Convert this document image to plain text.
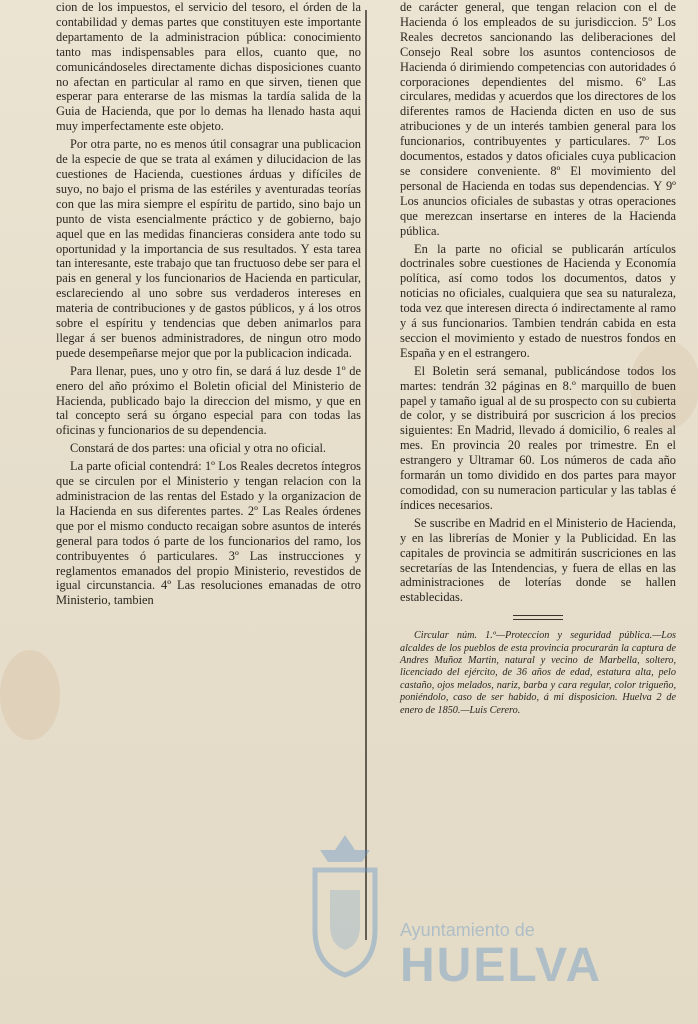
cion de los impuestos, el servicio del tesoro, el órden de la contabilidad y demas partes que constituyen este importante departamento de la administracion pública: conocimiento tanto mas indispensables para ellos, cuanto que, no comunicándoseles directamente dichas disposiciones cuanto no afectan en particular al ramo en que sirven, tienen que esperar para enterarse de las mismas la tardía salida de la Guia de Hacienda, que por lo demas ha llenado hasta aqui muy imperfectamente este objeto.

Por otra parte, no es menos útil consagrar una publicacion de la especie de que se trata al exámen y dilucidacion de las cuestiones de Hacienda, cuestiones árduas y difíciles de suyo, no bajo el prisma de las estériles y aventuradas teorías con que las mira siempre el espíritu de partido, sino bajo un punto de vista esencialmente práctico y de gobierno, bajo aquel que en las medidas financieras considera ante todo su oportunidad y la importancia de sus resultados. Y esta tarea tan interesante, este trabajo que tan fructuoso debe ser para el pais en general y los funcionarios de Hacienda en particular, esclareciendo al uno sobre sus verdaderos intereses en materia de contribuciones y de gastos públicos, y á los otros sobre el espíritu y tendencias que deben animarlos para llegar á ser buenos administradores, de ningun otro modo puede desempeñarse mejor que por la publicacion indicada.

Para llenar, pues, uno y otro fin, se dará á luz desde 1º de enero del año próximo el Boletin oficial del Ministerio de Hacienda, publicado bajo la direccion del mismo, y que en tal concepto será su órgano especial para con todas las oficinas y funcionarios de su dependencia.

Constará de dos partes: una oficial y otra no oficial.

La parte oficial contendrá: 1º Los Reales decretos íntegros que se circulen por el Ministerio y tengan relacion con la administracion de las rentas del Estado y la organizacion de la Hacienda en sus diferentes partes. 2º Las Reales órdenes que por el mismo conducto recaigan sobre asuntos de interés general para todos ó parte de los funcionarios del ramo, los contribuyentes ó particulares. 3º Las instrucciones y reglamentos emanados del propio Ministerio, revestidos de igual circunstancia. 4º Las resoluciones emanadas de otro Ministerio, tambien

de carácter general, que tengan relacion con el de Hacienda ó los empleados de su jurisdiccion. 5º Los Reales decretos sancionando las deliberaciones del Consejo Real sobre los asuntos contenciosos de Hacienda ó dirimiendo competencias con autoridades ó corporaciones dependientes del mismo. 6º Las circulares, medidas y acuerdos que los directores de los diferentes ramos de Hacienda dicten en uso de sus atribuciones y de un interés tambien general para los funcionarios, contribuyentes y particulares. 7º Los documentos, estados y datos oficiales cuya publicacion se considere conveniente. 8º El movimiento del personal de Hacienda en todas sus dependencias. Y 9º Los anuncios oficiales de subastas y otras operaciones que merezcan insertarse en interes de la Hacienda pública.

En la parte no oficial se publicarán artículos doctrinales sobre cuestiones de Hacienda y Economía política, así como todos los documentos, datos y noticias no oficiales, cualquiera que sea su naturaleza, toda vez que interesen directa ó indirectamente al ramo y á sus funcionarios. Tambien tendrán cabida en esta seccion el movimiento y estado de nuestros fondos en España y en el estrangero.

El Boletin será semanal, publicándose todos los martes: tendrán 32 páginas en 8.º marquillo de buen papel y tamaño igual al de su prospecto con su cubierta de color, y se distribuirá por suscricion á los precios siguientes: En Madrid, llevado á domicilio, 6 reales al mes. En provincia 20 reales por trimestre. En el estrangero y Ultramar 60. Los números de cada año formarán un tomo dividido en dos partes para mayor comodidad, con su numeracion particular y las tablas é índices necesarios.

Se suscribe en Madrid en el Ministerio de Hacienda, y en las librerías de Monier y la Publicidad. En las capitales de provincia se admitirán suscriciones en las secretarías de las Intendencias, y fuera de ellas en las administraciones de loterías donde se hallen establecidas.

Circular núm. 1.º—Proteccion y seguridad pública.—Los alcaldes de los pueblos de esta provincia procurarán la captura de Andres Muñoz Martin, natural y vecino de Marbella, soltero, licenciado del ejército, de 36 años de edad, estatura alta, pelo castaño, ojos melados, nariz, barba y cara regular, color trigueño, poniéndolo, caso de ser habido, á mi disposicion. Huelva 2 de enero de 1850.—Luis Cerero.

Ayuntamiento de
HUELVA
